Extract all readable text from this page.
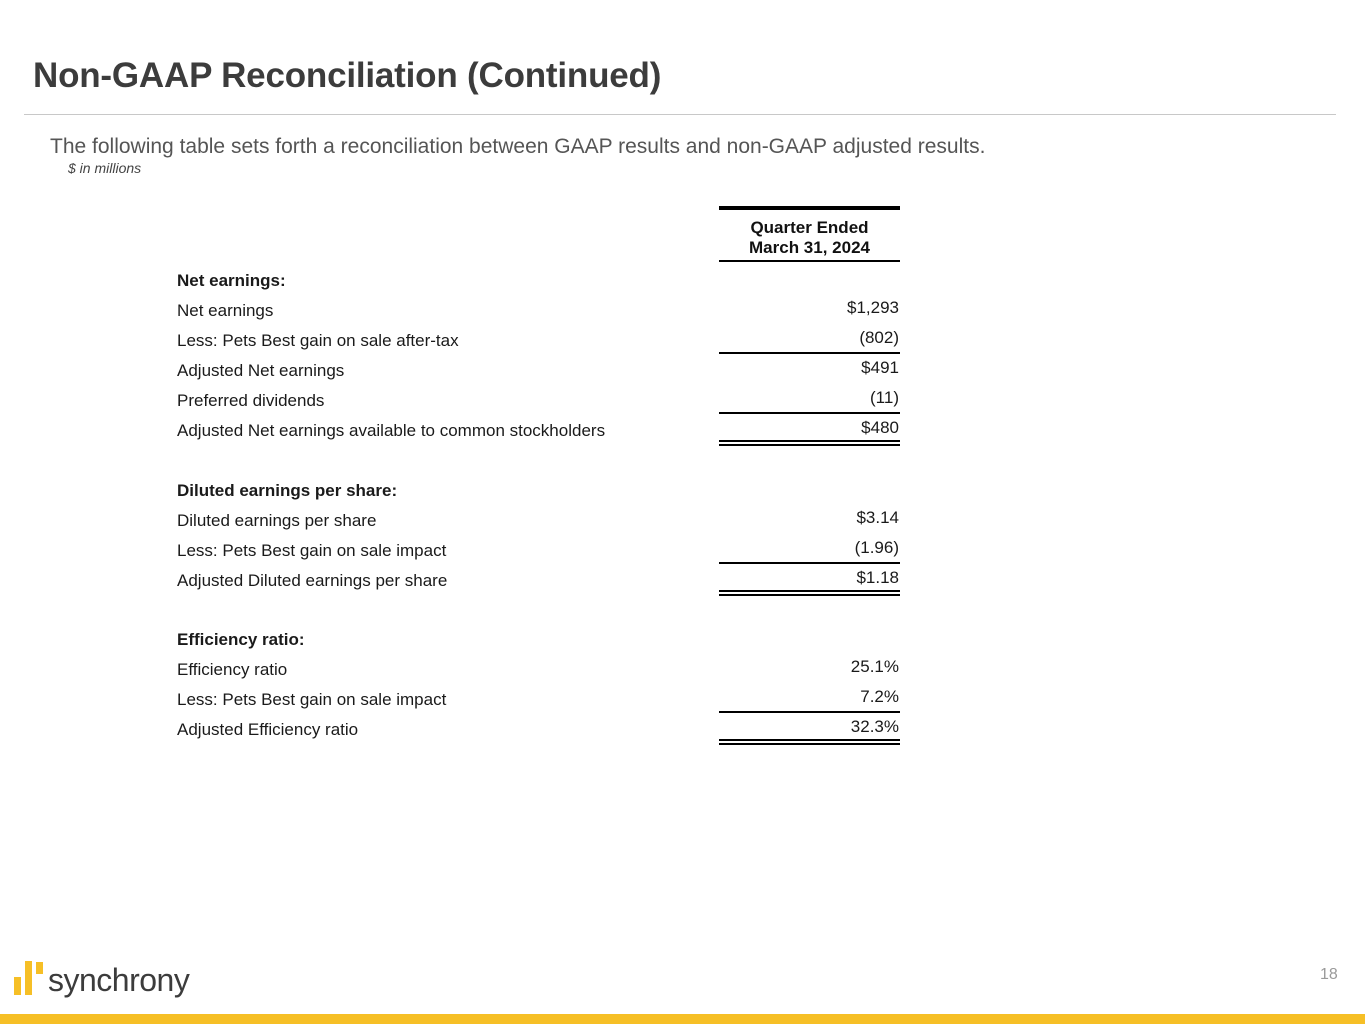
Non-GAAP Reconciliation (Continued)
The following table sets forth a reconciliation between GAAP results and non-GAAP adjusted results.
$ in millions
Quarter Ended
March 31, 2024
Net earnings:
Net earnings	$1,293
Less: Pets Best gain on sale after-tax	(802)
Adjusted Net earnings	$491
Preferred dividends	(11)
Adjusted Net earnings available to common stockholders	$480
Diluted earnings per share:
Diluted earnings per share	$3.14
Less: Pets Best gain on sale impact	(1.96)
Adjusted Diluted earnings per share	$1.18
Efficiency ratio:
Efficiency ratio	25.1%
Less: Pets Best gain on sale impact	7.2%
Adjusted Efficiency ratio	32.3%
synchrony	18
